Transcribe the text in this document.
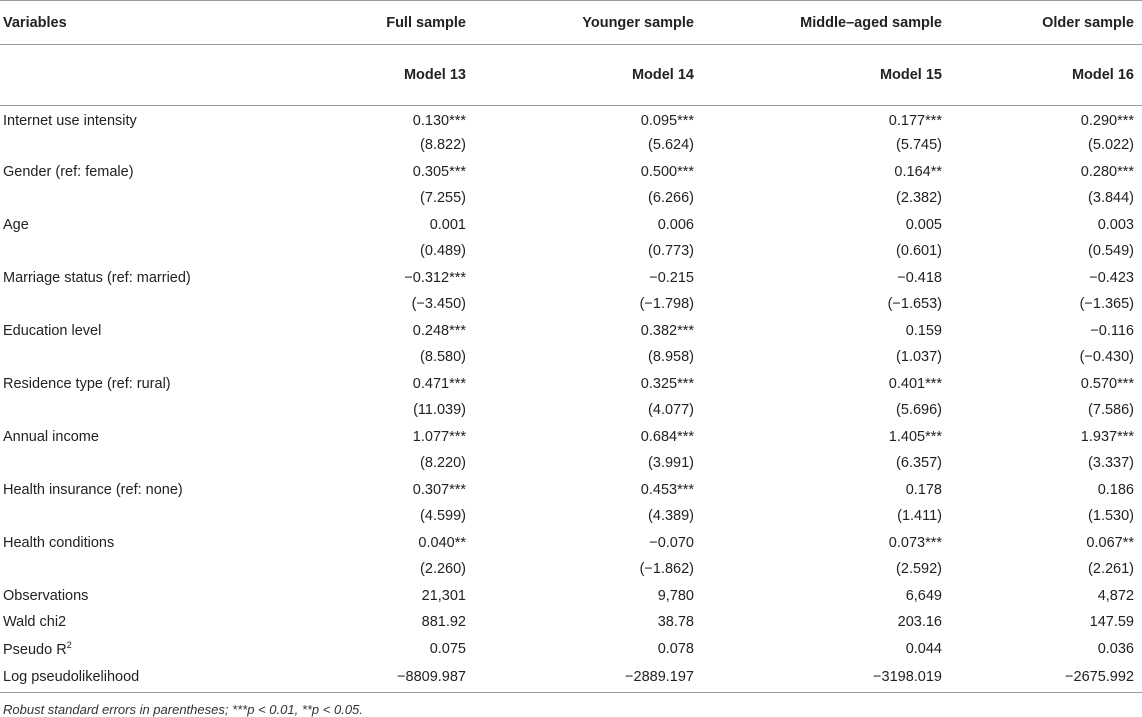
Variables	Full sample	Younger sample	Middle–aged sample	Older sample
	Model 13	Model 14	Model 15	Model 16
Internet use intensity	0.130***	0.095***	0.177***	0.290***
	(8.822)	(5.624)	(5.745)	(5.022)
Gender (ref: female)	0.305***	0.500***	0.164**	0.280***
	(7.255)	(6.266)	(2.382)	(3.844)
Age	0.001	0.006	0.005	0.003
	(0.489)	(0.773)	(0.601)	(0.549)
Marriage status (ref: married)	−0.312***	−0.215	−0.418	−0.423
	(−3.450)	(−1.798)	(−1.653)	(−1.365)
Education level	0.248***	0.382***	0.159	−0.116
	(8.580)	(8.958)	(1.037)	(−0.430)
Residence type (ref: rural)	0.471***	0.325***	0.401***	0.570***
	(11.039)	(4.077)	(5.696)	(7.586)
Annual income	1.077***	0.684***	1.405***	1.937***
	(8.220)	(3.991)	(6.357)	(3.337)
Health insurance (ref: none)	0.307***	0.453***	0.178	0.186
	(4.599)	(4.389)	(1.411)	(1.530)
Health conditions	0.040**	−0.070	0.073***	0.067**
	(2.260)	(−1.862)	(2.592)	(2.261)
Observations	21,301	9,780	6,649	4,872
Wald chi2	881.92	38.78	203.16	147.59
Pseudo $R^2$	0.075	0.078	0.044	0.036
Log pseudolikelihood	−8809.987	−2889.197	−3198.019	−2675.992
Robust standard errors in parentheses; ***p < 0.01, **p < 0.05.
